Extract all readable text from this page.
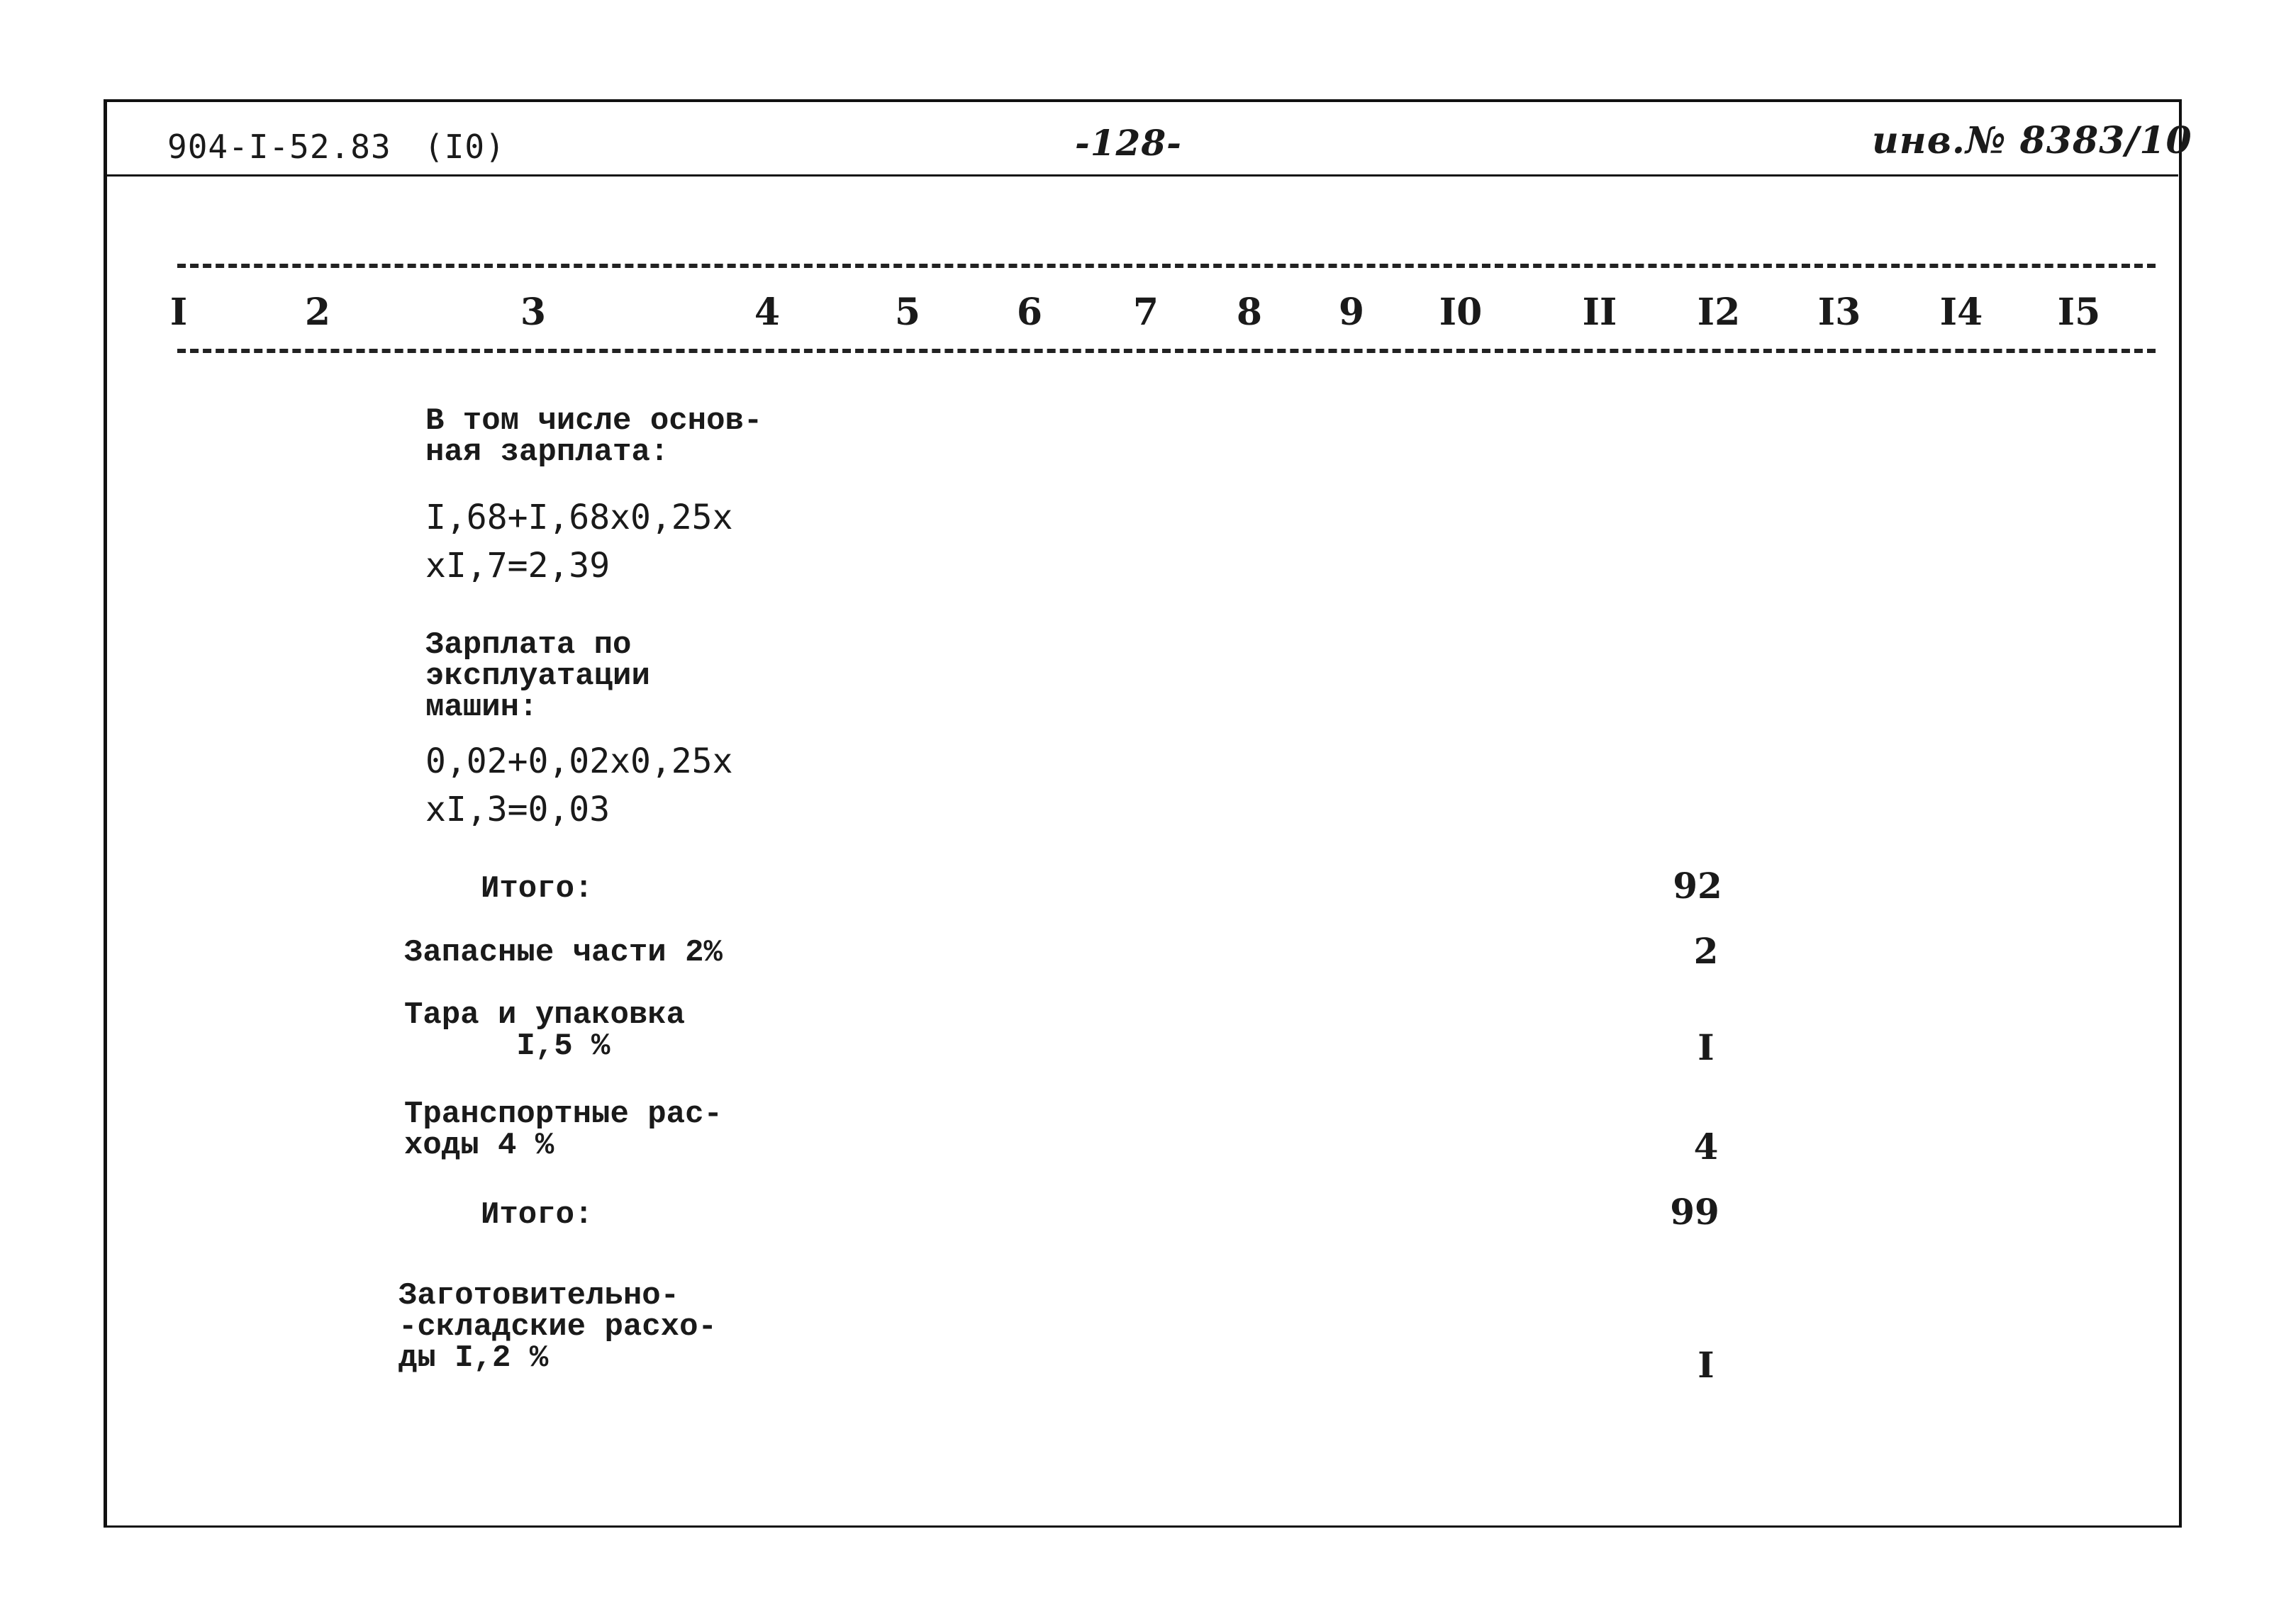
904-I-52.83 (I0)	-128-	инв.№ 8383/10
I	2	3	4	5	6 7 8 9 I0	II I2 I3 I4 I5
В том числе основ-
ная зарплата:
I,68+I,68x0,25x
xI,7=2,39
Зарплата по
эксплуатации
машин:
0,02+0,02x0,25x
xI,3=0,03
Итого:	92
Запасные части 2%	2
Тара и упаковка
I,5 %	I
Транспортные рас-
ходы 4 %	4
Итого:	99
Заготовительно-
-складские расхо-
ды I,2 %	I
